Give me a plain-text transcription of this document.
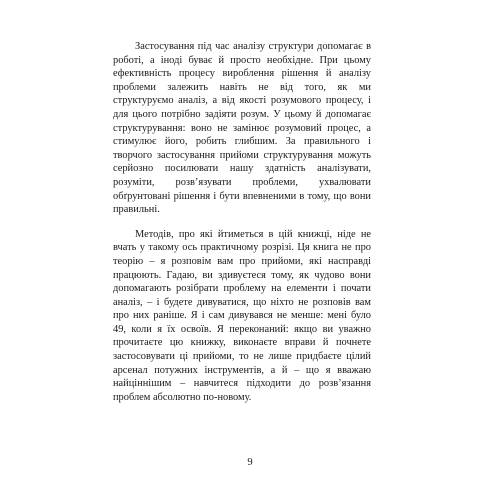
Застосування під час аналізу структури допомагає в роботі, а іноді буває й просто необхідне. При цьому ефективність процесу вироблення рішення й аналізу проблеми залежить навіть не від того, як ми структуруємо аналіз, а від якості розумового процесу, і для цього потрібно задіяти розум. У цьому й допомагає структурування: воно не замінює розумовий процес, а стимулює його, робить глибшим. За правильного і творчого застосування прийоми структурування можуть серйозно посилювати нашу здатність аналізувати, розуміти, розв’язувати проблеми, ухвалювати обґрунтовані рішення і бути впевненими в тому, що вони правильні.

Методів, про які йтиметься в цій книжці, ніде не вчать у такому ось практичному розрізі. Ця книга не про теорію – я розповім вам про прийоми, які насправді працюють. Гадаю, ви здивуєтеся тому, як чудово вони допомагають розібрати проблему на елементи і почати аналіз, – і будете дивуватися, що ніхто не розповів вам про них раніше. Я і сам дивувався не менше: мені було 49, коли я їх освоїв. Я переконаний: якщо ви уважно прочитаєте цю книжку, виконаєте вправи й почнете застосовувати ці прийоми, то не лише придбаєте цілий арсенал потужних інструментів, а й – що я вважаю найціннішим – навчитеся підходити до розв’язання проблем абсолютно по-новому.

9
